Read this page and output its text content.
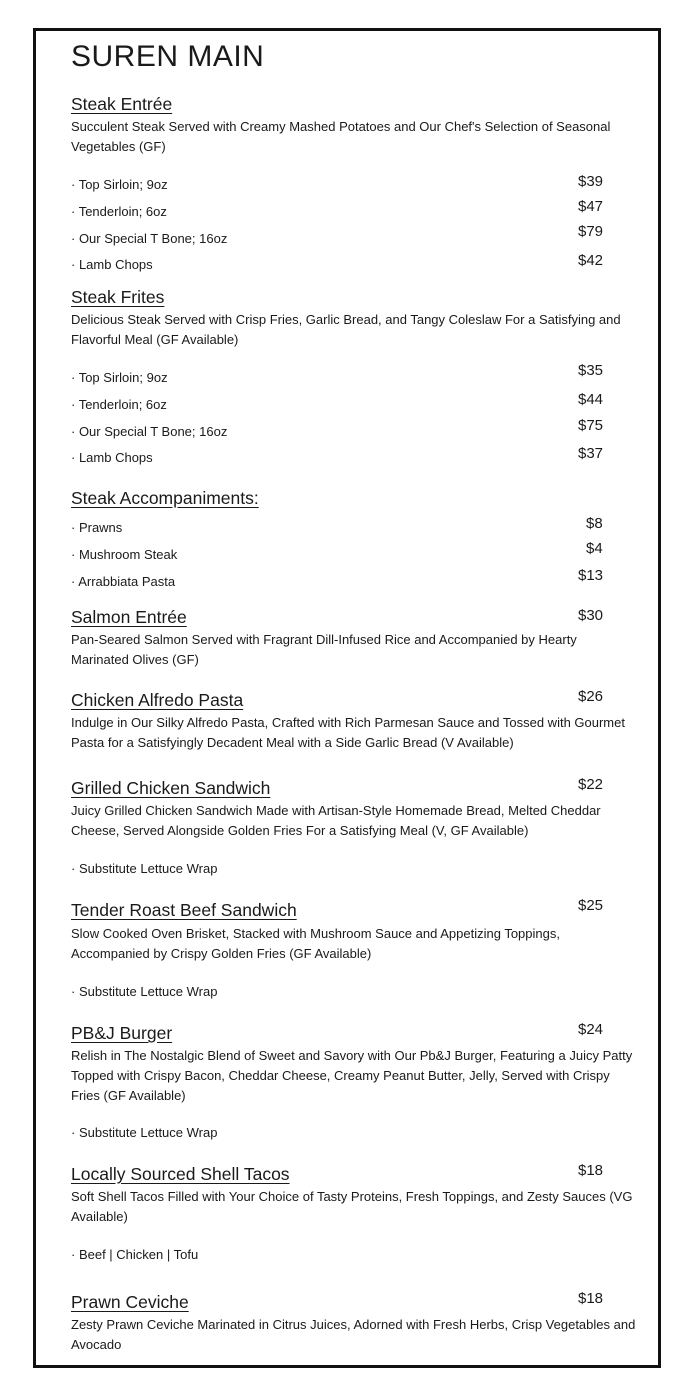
SUREN MAIN
Steak Entrée
Succulent Steak Served with Creamy Mashed Potatoes and Our Chef's Selection of Seasonal Vegetables (GF)
· Top Sirloin; 9oz	$39
· Tenderloin; 6oz	$47
· Our Special T Bone; 16oz	$79
· Lamb Chops	$42
Steak Frites
Delicious Steak Served with Crisp Fries, Garlic Bread, and Tangy Coleslaw For a Satisfying and Flavorful Meal (GF Available)
· Top Sirloin; 9oz	$35
· Tenderloin; 6oz	$44
· Our Special T Bone; 16oz	$75
· Lamb Chops	$37
Steak Accompaniments:
· Prawns	$8
· Mushroom Steak	$4
· Arrabbiata Pasta	$13
Salmon Entrée	$30
Pan-Seared Salmon Served with Fragrant Dill-Infused Rice and Accompanied by Hearty Marinated Olives (GF)
Chicken Alfredo Pasta	$26
Indulge in Our Silky Alfredo Pasta, Crafted with Rich Parmesan Sauce and Tossed with Gourmet Pasta for a Satisfyingly Decadent Meal with a Side Garlic Bread (V Available)
Grilled Chicken Sandwich	$22
Juicy Grilled Chicken Sandwich Made with Artisan-Style Homemade Bread, Melted Cheddar Cheese, Served Alongside Golden Fries For a Satisfying Meal (V, GF Available)
· Substitute Lettuce Wrap
Tender Roast Beef Sandwich	$25
Slow Cooked Oven Brisket, Stacked with Mushroom Sauce and Appetizing Toppings, Accompanied by Crispy Golden Fries (GF Available)
· Substitute Lettuce Wrap
PB&J Burger	$24
Relish in The Nostalgic Blend of Sweet and Savory with Our Pb&J Burger, Featuring a Juicy Patty Topped with Crispy Bacon, Cheddar Cheese, Creamy Peanut Butter, Jelly, Served with Crispy Fries (GF Available)
· Substitute Lettuce Wrap
Locally Sourced Shell Tacos	$18
Soft Shell Tacos Filled with Your Choice of Tasty Proteins, Fresh Toppings, and Zesty Sauces (VG Available)
· Beef | Chicken | Tofu
Prawn Ceviche	$18
Zesty Prawn Ceviche Marinated in Citrus Juices, Adorned with Fresh Herbs, Crisp Vegetables and Avocado
